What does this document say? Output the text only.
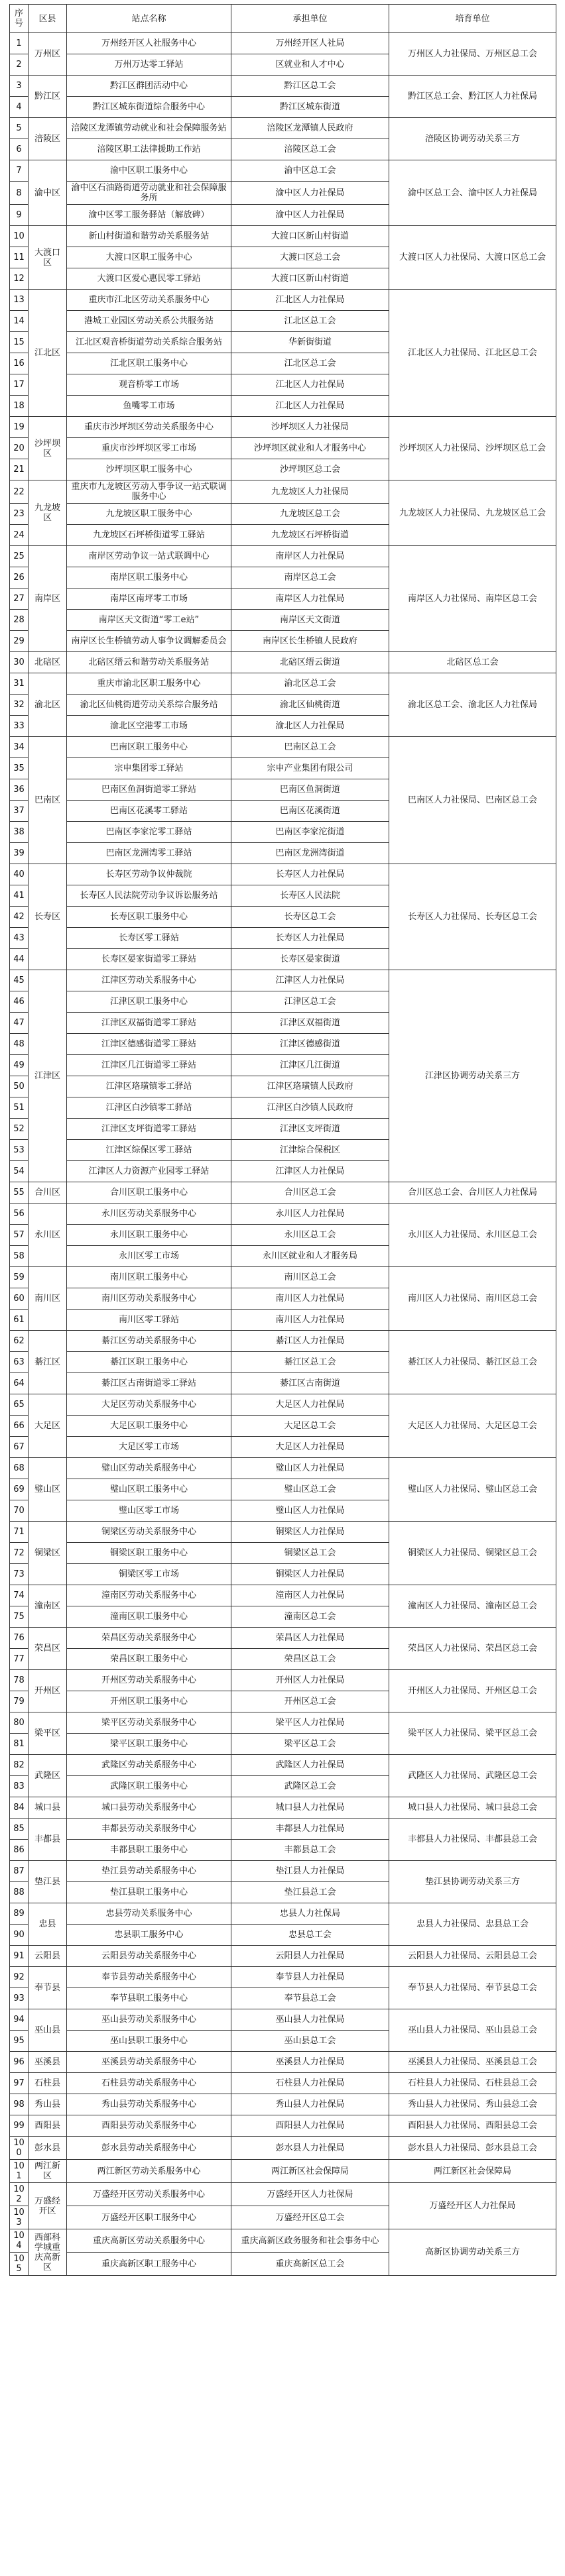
序号	区县	站点名称	承担单位	培育单位
1	万州区	万州经开区人社服务中心	万州经开区人社局	万州区人力社保局、万州区总工会
2		万州万达零工驿站	区就业和人才中心	
3	黔江区	黔江区群团活动中心	黔江区总工会	黔江区总工会、黔江区人力社保局
4		黔江区城东街道综合服务中心	黔江区城东街道	
5	涪陵区	涪陵区龙潭镇劳动就业和社会保障服务站	涪陵区龙潭镇人民政府	涪陵区协调劳动关系三方
6		涪陵区职工法律援助工作站	涪陵区总工会	
7	渝中区	渝中区职工服务中心	渝中区总工会	渝中区总工会、渝中区人力社保局
8		渝中区石油路街道劳动就业和社会保障服务所	渝中区人力社保局	
9		渝中区零工服务驿站（解放碑）	渝中区人力社保局	
10	大渡口区	新山村街道和谐劳动关系服务站	大渡口区新山村街道	大渡口区人力社保局、大渡口区总工会
11		大渡口区职工服务中心	大渡口区总工会	
12		大渡口区爱心惠民零工驿站	大渡口区新山村街道	
13	江北区	重庆市江北区劳动关系服务中心	江北区人力社保局	江北区人力社保局、江北区总工会
14		港城工业园区劳动关系公共服务站	江北区总工会	
15		江北区观音桥街道劳动关系综合服务站	华新街街道	
16		江北区职工服务中心	江北区总工会	
17		观音桥零工市场	江北区人力社保局	
18		鱼嘴零工市场	江北区人力社保局	
19	沙坪坝区	重庆市沙坪坝区劳动关系服务中心	沙坪坝区人力社保局	沙坪坝区人力社保局、沙坪坝区总工会
20		重庆市沙坪坝区零工市场	沙坪坝区就业和人才服务中心	
21		沙坪坝区职工服务中心	沙坪坝区总工会	
22	九龙坡区	重庆市九龙坡区劳动人事争议一站式联调服务中心	九龙坡区人力社保局	九龙坡区人力社保局、九龙坡区总工会
23		九龙坡区职工服务中心	九龙坡区总工会	
24		九龙坡区石坪桥街道零工驿站	九龙坡区石坪桥街道	
25	南岸区	南岸区劳动争议一站式联调中心	南岸区人力社保局	南岸区人力社保局、南岸区总工会
26		南岸区职工服务中心	南岸区总工会	
27		南岸区南坪零工市场	南岸区人力社保局	
28		南岸区天文街道“零工e站”	南岸区天文街道	
29		南岸区长生桥镇劳动人事争议调解委员会	南岸区长生桥镇人民政府	
30	北碚区	北碚区缙云和谐劳动关系服务站	北碚区缙云街道	北碚区总工会
31	渝北区	重庆市渝北区职工服务中心	渝北区总工会	渝北区总工会、渝北区人力社保局
32		渝北区仙桃街道劳动关系综合服务站	渝北区仙桃街道	
33		渝北区空港零工市场	渝北区人力社保局	
34	巴南区	巴南区职工服务中心	巴南区总工会	巴南区人力社保局、巴南区总工会
35		宗申集团零工驿站	宗申产业集团有限公司	
36		巴南区鱼洞街道零工驿站	巴南区鱼洞街道	
37		巴南区花溪零工驿站	巴南区花溪街道	
38		巴南区李家沱零工驿站	巴南区李家沱街道	
39		巴南区龙洲湾零工驿站	巴南区龙洲湾街道	
40	长寿区	长寿区劳动争议仲裁院	长寿区人力社保局	长寿区人力社保局、长寿区总工会
41		长寿区人民法院劳动争议诉讼服务站	长寿区人民法院	
42		长寿区职工服务中心	长寿区总工会	
43		长寿区零工驿站	长寿区人力社保局	
44		长寿区晏家街道零工驿站	长寿区晏家街道	
45	江津区	江津区劳动关系服务中心	江津区人力社保局	江津区协调劳动关系三方
46		江津区职工服务中心	江津区总工会	
47		江津区双福街道零工驿站	江津区双福街道	
48		江津区德感街道零工驿站	江津区德感街道	
49		江津区几江街道零工驿站	江津区几江街道	
50		江津区珞璜镇零工驿站	江津区珞璜镇人民政府	
51		江津区白沙镇零工驿站	江津区白沙镇人民政府	
52		江津区支坪街道零工驿站	江津区支坪街道	
53		江津区综保区零工驿站	江津综合保税区	
54		江津区人力资源产业园零工驿站	江津区人力社保局	
55	合川区	合川区职工服务中心	合川区总工会	合川区总工会、合川区人力社保局
56	永川区	永川区劳动关系服务中心	永川区人力社保局	永川区人力社保局、永川区总工会
57		永川区职工服务中心	永川区总工会	
58		永川区零工市场	永川区就业和人才服务局	
59	南川区	南川区职工服务中心	南川区总工会	南川区人力社保局、南川区总工会
60		南川区劳动关系服务中心	南川区人力社保局	
61		南川区零工驿站	南川区人力社保局	
62	綦江区	綦江区劳动关系服务中心	綦江区人力社保局	綦江区人力社保局、綦江区总工会
63		綦江区职工服务中心	綦江区总工会	
64		綦江区古南街道零工驿站	綦江区古南街道	
65	大足区	大足区劳动关系服务中心	大足区人力社保局	大足区人力社保局、大足区总工会
66		大足区职工服务中心	大足区总工会	
67		大足区零工市场	大足区人力社保局	
68	璧山区	璧山区劳动关系服务中心	璧山区人力社保局	璧山区人力社保局、璧山区总工会
69		璧山区职工服务中心	璧山区总工会	
70		璧山区零工市场	璧山区人力社保局	
71	铜梁区	铜梁区劳动关系服务中心	铜梁区人力社保局	铜梁区人力社保局、铜梁区总工会
72		铜梁区职工服务中心	铜梁区总工会	
73		铜梁区零工市场	铜梁区人力社保局	
74	潼南区	潼南区劳动关系服务中心	潼南区人力社保局	潼南区人力社保局、潼南区总工会
75		潼南区职工服务中心	潼南区总工会	
76	荣昌区	荣昌区劳动关系服务中心	荣昌区人力社保局	荣昌区人力社保局、荣昌区总工会
77		荣昌区职工服务中心	荣昌区总工会	
78	开州区	开州区劳动关系服务中心	开州区人力社保局	开州区人力社保局、开州区总工会
79		开州区职工服务中心	开州区总工会	
80	梁平区	梁平区劳动关系服务中心	梁平区人力社保局	梁平区人力社保局、梁平区总工会
81		梁平区职工服务中心	梁平区总工会	
82	武隆区	武隆区劳动关系服务中心	武隆区人力社保局	武隆区人力社保局、武隆区总工会
83		武隆区职工服务中心	武隆区总工会	
84	城口县	城口县劳动关系服务中心	城口县人力社保局	城口县人力社保局、城口县总工会
85	丰都县	丰都县劳动关系服务中心	丰都县人力社保局	丰都县人力社保局、丰都县总工会
86		丰都县职工服务中心	丰都县总工会	
87	垫江县	垫江县劳动关系服务中心	垫江县人力社保局	垫江县协调劳动关系三方
88		垫江县职工服务中心	垫江县总工会	
89	忠县	忠县劳动关系服务中心	忠县人力社保局	忠县人力社保局、忠县总工会
90		忠县职工服务中心	忠县总工会	
91	云阳县	云阳县劳动关系服务中心	云阳县人力社保局	云阳县人力社保局、云阳县总工会
92	奉节县	奉节县劳动关系服务中心	奉节县人力社保局	奉节县人力社保局、奉节县总工会
93		奉节县职工服务中心	奉节县总工会	
94	巫山县	巫山县劳动关系服务中心	巫山县人力社保局	巫山县人力社保局、巫山县总工会
95		巫山县职工服务中心	巫山县总工会	
96	巫溪县	巫溪县劳动关系服务中心	巫溪县人力社保局	巫溪县人力社保局、巫溪县总工会
97	石柱县	石柱县劳动关系服务中心	石柱县人力社保局	石柱县人力社保局、石柱县总工会
98	秀山县	秀山县劳动关系服务中心	秀山县人力社保局	秀山县人力社保局、秀山县总工会
99	酉阳县	酉阳县劳动关系服务中心	酉阳县人力社保局	酉阳县人力社保局、酉阳县总工会
100	彭水县	彭水县劳动关系服务中心	彭水县人力社保局	彭水县人力社保局、彭水县总工会
101	两江新区	两江新区劳动关系服务中心	两江新区社会保障局	两江新区社会保障局
102	万盛经开区	万盛经开区劳动关系服务中心	万盛经开区人力社保局	万盛经开区人力社保局
103		万盛经开区职工服务中心	万盛经开区总工会	
104	西部科学城重庆高新区	重庆高新区劳动关系服务中心	重庆高新区政务服务和社会事务中心	高新区协调劳动关系三方
105		重庆高新区职工服务中心	重庆高新区总工会	
